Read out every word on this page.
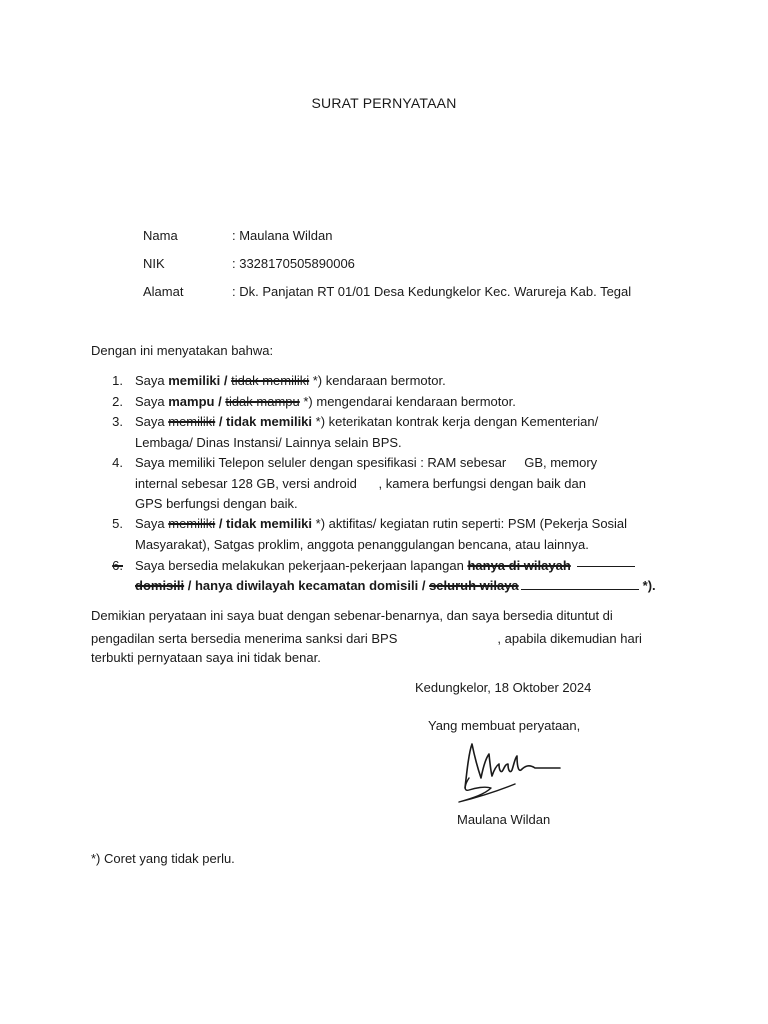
SURAT PERNYATAAN
Nama	: Maulana Wildan
NIK	: 3328170505890006
Alamat	: Dk. Panjatan RT 01/01 Desa Kedungkelor Kec. Warureja Kab. Tegal
Dengan ini menyatakan bahwa:
1. Saya memiliki / tidak memiliki *) kendaraan bermotor.
2. Saya mampu / tidak mampu *) mengendarai kendaraan bermotor.
3. Saya memiliki / tidak memiliki *) keterikatan kontrak kerja dengan Kementerian/
Lembaga/ Dinas Instansi/ Lainnya selain BPS.
4. Saya memiliki Telepon seluler dengan spesifikasi : RAM sebesar     GB, memory
internal sebesar 128 GB, versi android      , kamera berfungsi dengan baik dan
GPS berfungsi dengan baik.
5. Saya memiliki / tidak memiliki *) aktifitas/ kegiatan rutin seperti: PSM (Pekerja Sosial
Masyarakat), Satgas proklim, anggota penanggulangan bencana, atau lainnya.
6. Saya bersedia melakukan pekerjaan-pekerjaan lapangan hanya di wilayah
domisili / hanya diwilayah kecamatan domisili / seluruh wilaya	*).
Demikian peryataan ini saya buat dengan sebenar-benarnya, dan saya bersedia dituntut di
pengadilan serta bersedia menerima sanksi dari BPS	, apabila dikemudian hari
terbukti pernyataan saya ini tidak benar.
Kedungkelor, 18 Oktober 2024
Yang membuat peryataan,
Maulana Wildan
*) Coret yang tidak perlu.
